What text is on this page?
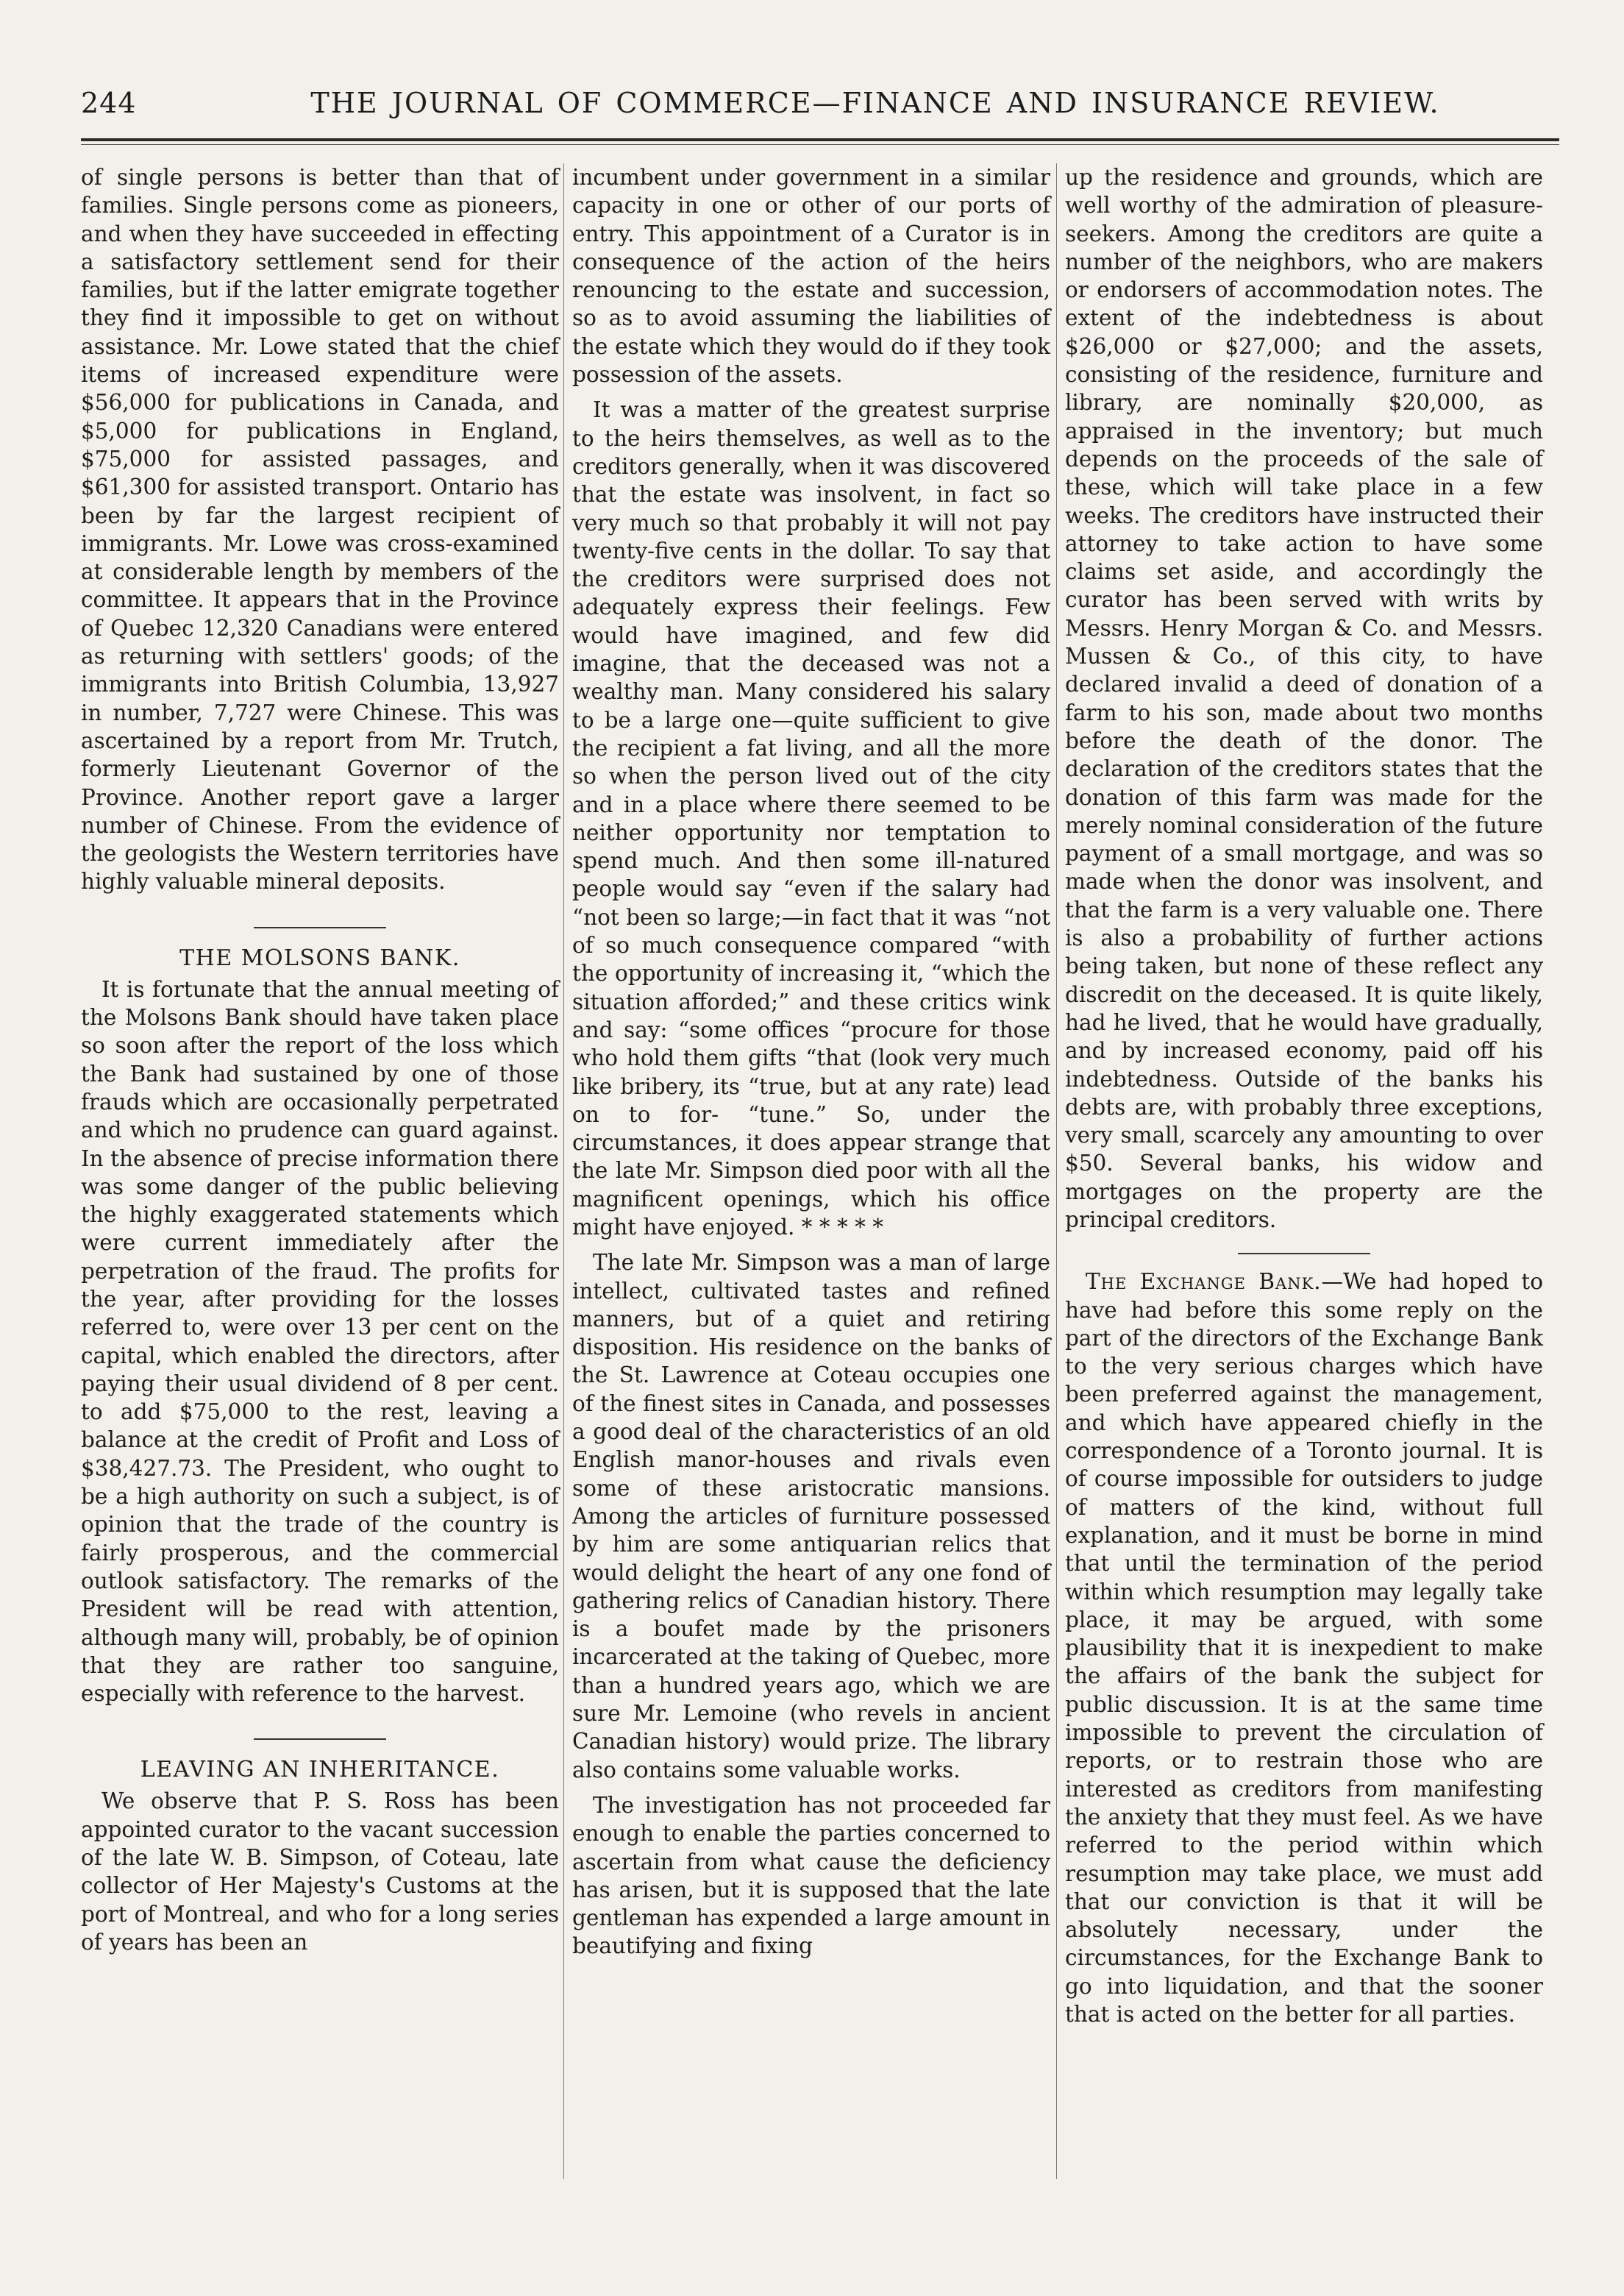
244	THE JOURNAL OF COMMERCE—FINANCE AND INSURANCE REVIEW.

of single persons is better than that of families. Single persons come as pioneers, and when they have succeeded in effecting a satisfactory settlement send for their families, but if the latter emigrate together they find it impossible to get on without assistance. Mr. Lowe stated that the chief items of increased expenditure were $56,000 for publications in Canada, and $5,000 for publications in England, $75,000 for assisted passages, and $61,300 for assisted transport. Ontario has been by far the largest recipient of immigrants. Mr. Lowe was cross-examined at considerable length by members of the committee. It appears that in the Province of Quebec 12,320 Canadians were entered as returning with settlers' goods; of the immigrants into British Columbia, 13,927 in number, 7,727 were Chinese. This was ascertained by a report from Mr. Trutch, formerly Lieutenant Governor of the Province. Another report gave a larger number of Chinese. From the evidence of the geologists the Western territories have highly valuable mineral deposits.

THE MOLSONS BANK.

It is fortunate that the annual meeting of the Molsons Bank should have taken place so soon after the report of the loss which the Bank had sustained by one of those frauds which are occasionally perpetrated and which no prudence can guard against. In the absence of precise information there was some danger of the public believing the highly exaggerated statements which were current immediately after the perpetration of the fraud. The profits for the year, after providing for the losses referred to, were over 13 per cent on the capital, which enabled the directors, after paying their usual dividend of 8 per cent. to add $75,000 to the rest, leaving a balance at the credit of Profit and Loss of $38,427.73. The President, who ought to be a high authority on such a subject, is of opinion that the trade of the country is fairly prosperous, and the commercial outlook satisfactory. The remarks of the President will be read with attention, although many will, probably, be of opinion that they are rather too sanguine, especially with reference to the harvest.

LEAVING AN INHERITANCE.

We observe that P. S. Ross has been appointed curator to the vacant succession of the late W. B. Simpson, of Coteau, late collector of Her Majesty's Customs at the port of Montreal, and who for a long series of years has been an

incumbent under government in a similar capacity in one or other of our ports of entry. This appointment of a Curator is in consequence of the action of the heirs renouncing to the estate and succession, so as to avoid assuming the liabilities of the estate which they would do if they took possession of the assets.

It was a matter of the greatest surprise to the heirs themselves, as well as to the creditors generally, when it was discovered that the estate was insolvent, in fact so very much so that probably it will not pay twenty-five cents in the dollar. To say that the creditors were surprised does not adequately express their feelings. Few would have imagined, and few did imagine, that the deceased was not a wealthy man. Many considered his salary to be a large one—quite sufficient to give the recipient a fat living, and all the more so when the person lived out of the city and in a place where there seemed to be neither opportunity nor temptation to spend much. And then some ill-natured people would say “even if the salary had “not been so large;—in fact that it was “not of so much consequence compared “with the opportunity of increasing it, “which the situation afforded;” and these critics wink and say: “some offices “procure for those who hold them gifts “that (look very much like bribery, its “true, but at any rate) lead on to for- “tune.” So, under the circumstances, it does appear strange that the late Mr. Simpson died poor with all the magnificent openings, which his office might have enjoyed. * * * * *

The late Mr. Simpson was a man of large intellect, cultivated tastes and refined manners, but of a quiet and retiring disposition. His residence on the banks of the St. Lawrence at Coteau occupies one of the finest sites in Canada, and possesses a good deal of the characteristics of an old English manor-houses and rivals even some of these aristocratic mansions. Among the articles of furniture possessed by him are some antiquarian relics that would delight the heart of any one fond of gathering relics of Canadian history. There is a boufet made by the prisoners incarcerated at the taking of Quebec, more than a hundred years ago, which we are sure Mr. Lemoine (who revels in ancient Canadian history) would prize. The library also contains some valuable works.

The investigation has not proceeded far enough to enable the parties concerned to ascertain from what cause the deficiency has arisen, but it is supposed that the late gentleman has expended a large amount in beautifying and fixing

up the residence and grounds, which are well worthy of the admiration of pleasure-seekers. Among the creditors are quite a number of the neighbors, who are makers or endorsers of accommodation notes. The extent of the indebtedness is about $26,000 or $27,000; and the assets, consisting of the residence, furniture and library, are nominally $20,000, as appraised in the inventory; but much depends on the proceeds of the sale of these, which will take place in a few weeks. The creditors have instructed their attorney to take action to have some claims set aside, and accordingly the curator has been served with writs by Messrs. Henry Morgan & Co. and Messrs. Mussen & Co., of this city, to have declared invalid a deed of donation of a farm to his son, made about two months before the death of the donor. The declaration of the creditors states that the donation of this farm was made for the merely nominal consideration of the future payment of a small mortgage, and was so made when the donor was insolvent, and that the farm is a very valuable one. There is also a probability of further actions being taken, but none of these reflect any discredit on the deceased. It is quite likely, had he lived, that he would have gradually, and by increased economy, paid off his indebtedness. Outside of the banks his debts are, with probably three exceptions, very small, scarcely any amounting to over $50. Several banks, his widow and mortgages on the property are the principal creditors.

The Exchange Bank.—We had hoped to have had before this some reply on the part of the directors of the Exchange Bank to the very serious charges which have been preferred against the management, and which have appeared chiefly in the correspondence of a Toronto journal. It is of course impossible for outsiders to judge of matters of the kind, without full explanation, and it must be borne in mind that until the termination of the period within which resumption may legally take place, it may be argued, with some plausibility that it is inexpedient to make the affairs of the bank the subject for public discussion. It is at the same time impossible to prevent the circulation of reports, or to restrain those who are interested as creditors from manifesting the anxiety that they must feel. As we have referred to the period within which resumption may take place, we must add that our conviction is that it will be absolutely necessary, under the circumstances, for the Exchange Bank to go into liquidation, and that the sooner that is acted on the better for all parties.
